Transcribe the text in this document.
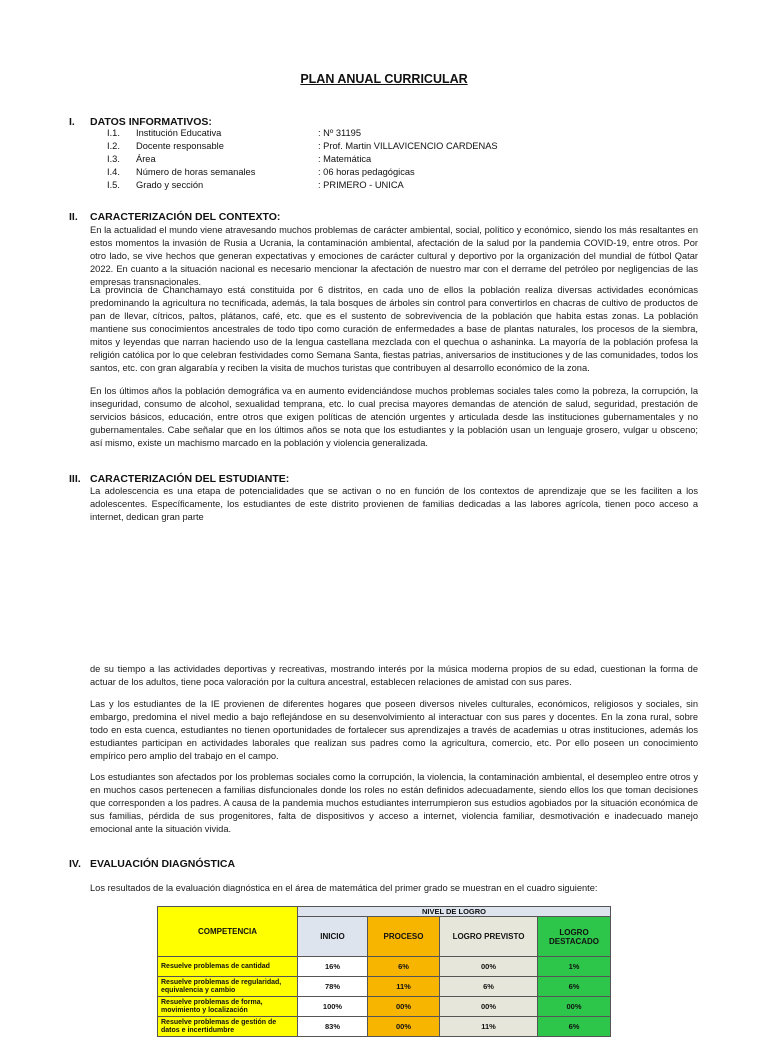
PLAN ANUAL CURRICULAR
I. DATOS INFORMATIVOS:
I.1. Institución Educativa	: Nº 31195
I.2. Docente responsable	: Prof. Martin VILLAVICENCIO CARDENAS
I.3. Área	: Matemática
I.4. Número de horas semanales	: 06 horas pedagógicas
I.5. Grado y sección	: PRIMERO - UNICA
II. CARACTERIZACIÓN DEL CONTEXTO:
En la actualidad el mundo viene atravesando muchos problemas de carácter ambiental, social, político y económico, siendo los más resaltantes en estos momentos la invasión de Rusia a Ucrania, la contaminación ambiental, afectación de la salud por la pandemia COVID-19, entre otros. Por otro lado, se vive hechos que generan expectativas y emociones de carácter cultural y deportivo por la organización del mundial de fútbol Qatar 2022. En cuanto a la situación nacional es necesario mencionar la afectación de nuestro mar con el derrame del petróleo por negligencias de las empresas transnacionales.
La provincia de Chanchamayo está constituida por 6 distritos, en cada uno de ellos la población realiza diversas actividades económicas predominando la agricultura no tecnificada, además, la tala bosques de árboles sin control para convertirlos en chacras de cultivo de productos de pan de llevar, cítricos, paltos, plátanos, café, etc. que es el sustento de sobrevivencia de la población que habita estas zonas. La población mantiene sus conocimientos ancestrales de todo tipo como curación de enfermedades a base de plantas naturales, los procesos de la siembra, mitos y leyendas que narran haciendo uso de la lengua castellana mezclada con el quechua o ashaninka. La mayoría de la población profesa la religión católica por lo que celebran festividades como Semana Santa, fiestas patrias, aniversarios de instituciones y de las comunidades, todos los santos, etc. con gran algarabía y reciben la visita de muchos turistas que contribuyen al desarrollo económico de la zona.
En los últimos años la población demográfica va en aumento evidenciándose muchos problemas sociales tales como la pobreza, la corrupción, la inseguridad, consumo de alcohol, sexualidad temprana, etc. lo cual precisa mayores demandas de atención de salud, seguridad, prestación de servicios básicos, educación, entre otros que exigen políticas de atención urgentes y articulada desde las instituciones gubernamentales y no gubernamentales. Cabe señalar que en los últimos años se nota que los estudiantes y la población usan un lenguaje grosero, vulgar u obsceno; así mismo, existe un machismo marcado en la población y violencia generalizada.
III. CARACTERIZACIÓN DEL ESTUDIANTE:
La adolescencia es una etapa de potencialidades que se activan o no en función de los contextos de aprendizaje que se les faciliten a los adolescentes. Específicamente, los estudiantes de este distrito provienen de familias dedicadas a las labores agrícola, tienen poco acceso a internet, dedican gran parte
de su tiempo a las actividades deportivas y recreativas, mostrando interés por la música moderna propios de su edad, cuestionan la forma de actuar de los adultos, tiene poca valoración por la cultura ancestral, establecen relaciones de amistad con sus pares.
Las y los estudiantes de la IE provienen de diferentes hogares que poseen diversos niveles culturales, económicos, religiosos y sociales, sin embargo, predomina el nivel medio a bajo reflejándose en su desenvolvimiento al interactuar con sus pares y docentes. En la zona rural, sobre todo en esta cuenca, estudiantes no tienen oportunidades de fortalecer sus aprendizajes a través de academias u otras instituciones, además los estudiantes participan en actividades laborales que realizan sus padres como la agricultura, comercio, etc. Por ello poseen un conocimiento empírico pero amplio del trabajo en el campo.
Los estudiantes son afectados por los problemas sociales como la corrupción, la violencia, la contaminación ambiental, el desempleo entre otros y en muchos casos pertenecen a familias disfuncionales donde los roles no están definidos adecuadamente, siendo ellos los que toman decisiones que corresponden a los padres. A causa de la pandemia muchos estudiantes interrumpieron sus estudios agobiados por la situación económica de sus familias, pérdida de sus progenitores, falta de dispositivos y acceso a internet, violencia familiar, desmotivación e inadecuado manejo emocional ante la situación vivida.
IV. EVALUACIÓN DIAGNÓSTICA
Los resultados de la evaluación diagnóstica en el área de matemática del primer grado se muestran en el cuadro siguiente:
COMPETENCIA	NIVEL DE LOGRO			
	INICIO	PROCESO	LOGRO PREVISTO	LOGRO DESTACADO
Resuelve problemas de cantidad	16%	6%	00%	1%
Resuelve problemas de regularidad, equivalencia y cambio	78%	11%	6%	6%
Resuelve problemas de forma, movimiento y localización	100%	00%	00%	00%
Resuelve problemas de gestión de datos e incertidumbre	83%	00%	11%	6%
